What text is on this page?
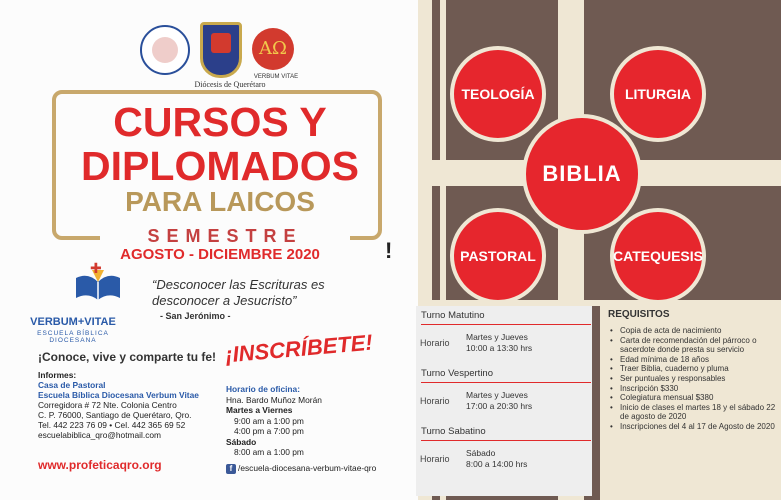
AΩ
VERBUM VITAE
Diócesis de Querétaro
CURSOS Y
DIPLOMADOS
PARA LAICOS
SEMESTRE
AGOSTO - DICIEMBRE 2020	!
✚
VERBUM+VITAE
ESCUELA BÍBLICA DIOCESANA
“Desconocer las Escrituras es desconocer a Jesucristo”
- San Jerónimo -
¡Conoce, vive y comparte tu fe! ¡INSCRÍBETE!
Informes:
Casa de Pastoral
Escuela Bíblica Diocesana Verbum Vitae
Corregidora # 72 Nte. Colonia Centro
C. P. 76000, Santiago de Querétaro, Qro.
Tel. 442 223 76 09 • Cel. 442 365 69 52
escuelabiblica_qro@hotmail.com
Horario de oficina:
Hna. Bardo Muñoz Morán
Martes a Viernes
9:00 am a 1:00 pm
4:00 pm a 7:00 pm
Sábado
8:00 am a 1:00 pm
www.profeticaqro.org	f /escuela-diocesana-verbum-vitae-qro
TEOLOGÍA	LITURGIA
BIBLIA
PASTORAL	CATEQUESIS
Turno Matutino
Horario
Martes y Jueves
10:00 a 13:30 hrs
Turno Vespertino
Horario
Martes y Jueves
17:00 a 20:30 hrs
Turno Sabatino
Horario
Sábado
8:00 a 14:00 hrs
REQUISITOS
• Copia de acta de nacimiento
• Carta de recomendación del párroco o sacerdote donde presta su servicio
• Edad mínima de 18 años
• Traer Biblia, cuaderno y pluma
• Ser puntuales y responsables
• Inscripción $330
• Colegiatura mensual $380
• Inicio de clases el martes 18 y el sábado 22 de agosto de 2020
• Inscripciones del 4 al 17 de Agosto de 2020
